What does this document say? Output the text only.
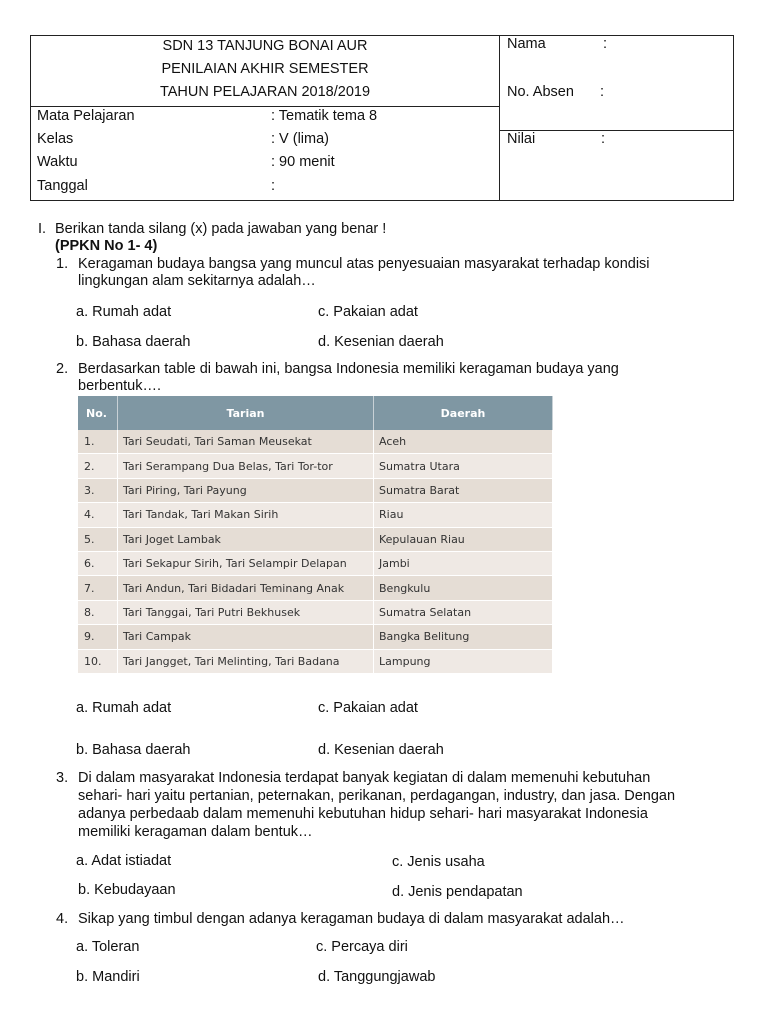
SDN 13 TANJUNG BONAI AUR
PENILAIAN AKHIR SEMESTER
TAHUN PELAJARAN 2018/2019
Mata Pelajaran	: Tematik tema 8
Kelas	: V (lima)
Waktu	: 90 menit
Tanggal	:
Nama	:
No. Absen :
Nilai	:
I. Berikan tanda silang (x) pada jawaban yang benar !
(PPKN No 1- 4)
1. Keragaman budaya bangsa yang muncul atas penyesuaian masyarakat terhadap kondisi
lingkungan alam sekitarnya adalah…
a. Rumah adat	c. Pakaian adat
b. Bahasa daerah	d. Kesenian daerah
2. Berdasarkan table di bawah ini, bangsa Indonesia memiliki keragaman budaya yang
berbentuk….
No.	Tarian	Daerah
1.	Tari Seudati, Tari Saman Meusekat	Aceh
2.	Tari Serampang Dua Belas, Tari Tor-tor	Sumatra Utara
3.	Tari Piring, Tari Payung	Sumatra Barat
4.	Tari Tandak, Tari Makan Sirih	Riau
5.	Tari Joget Lambak	Kepulauan Riau
6.	Tari Sekapur Sirih, Tari Selampir Delapan	Jambi
7.	Tari Andun, Tari Bidadari Teminang Anak	Bengkulu
8.	Tari Tanggai, Tari Putri Bekhusek	Sumatra Selatan
9.	Tari Campak	Bangka Belitung
10.	Tari Jangget, Tari Melinting, Tari Badana	Lampung
a. Rumah adat	c. Pakaian adat
b. Bahasa daerah	d. Kesenian daerah
3. Di dalam masyarakat Indonesia terdapat banyak kegiatan di dalam memenuhi kebutuhan
sehari- hari yaitu pertanian, peternakan, perikanan, perdagangan, industry, dan jasa. Dengan
adanya perbedaab dalam memenuhi kebutuhan hidup sehari- hari masyarakat Indonesia
memiliki keragaman dalam bentuk…
a. Adat istiadat	c. Jenis usaha
b. Kebudayaan	d. Jenis pendapatan
4. Sikap yang timbul dengan adanya keragaman budaya di dalam masyarakat adalah…
a. Toleran	c. Percaya diri
b. Mandiri	d. Tanggungjawab
